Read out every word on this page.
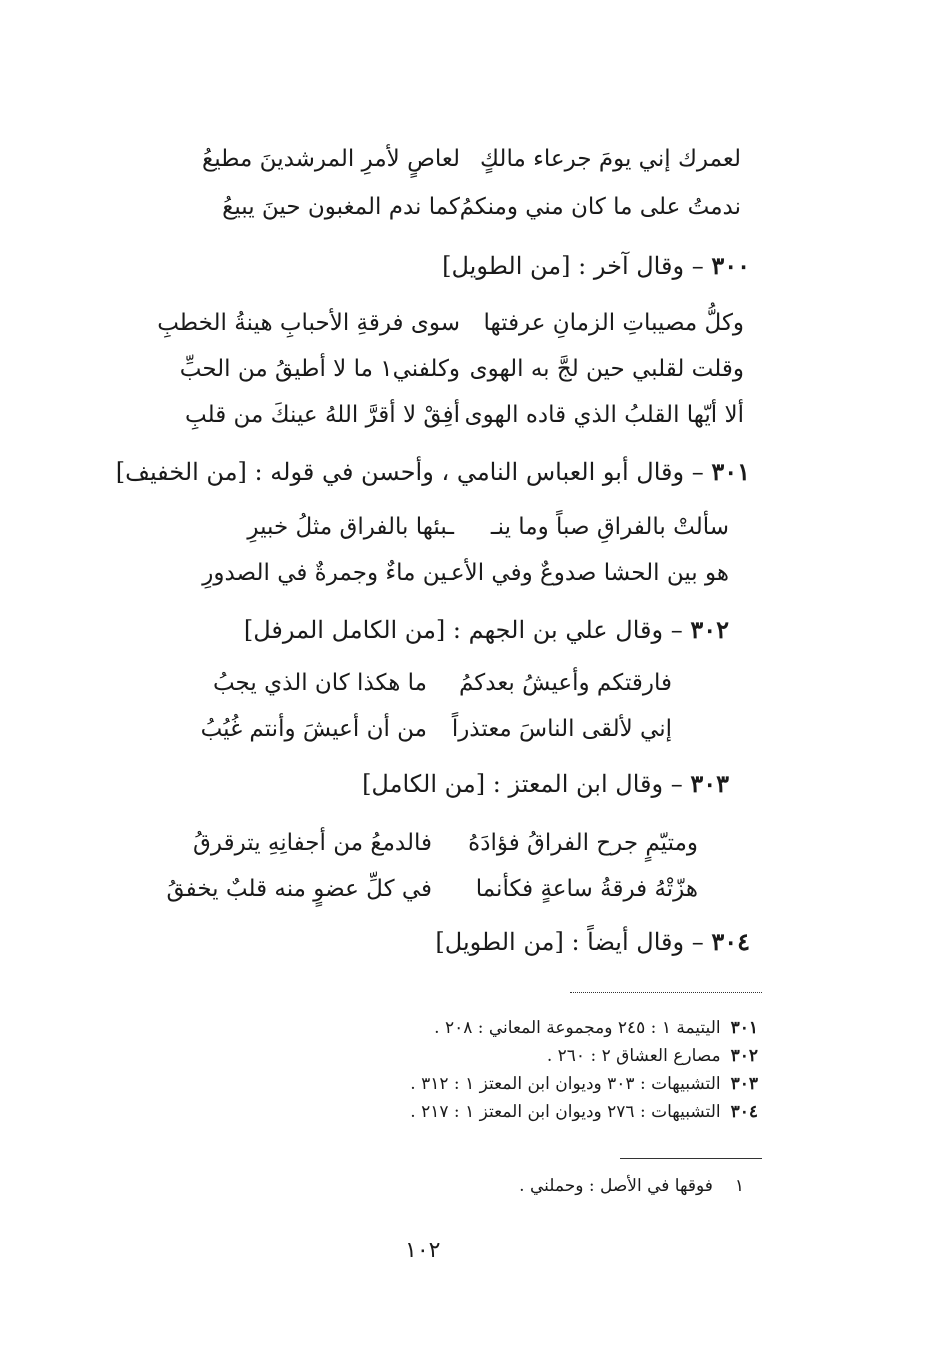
لعمرك إني يومَ جرعاء مالكٍ
لعاصٍ لأمرِ المرشدينَ مطيعُ
ندمتُ على ما كان مني ومنكمُ
كما ندم المغبون حينَ يبيعُ
٣٠٠ – وقال آخر : [من الطويل]
وكلُّ مصيباتِ الزمانِ عرفتها
سوى فرقةِ الأحبابِ هينةُ الخطبِ
وقلت لقلبي حين لجَّ به الهوى
وكلفني١ ما لا أطيقُ من الحبِّ
ألا أيّها القلبُ الذي قاده الهوى
أفِقْ لا أقرَّ اللهُ عينكَ من قلبِ
٣٠١ – وقال أبو العباس النامي ، وأحسن في قوله : [من الخفيف]
سألتْ بالفراقِ صباً وما ينـ
ـبئها بالفراق مثلُ خبيرِ
هو بين الحشا صدوعٌ وفي الأعـ
ـين ماءٌ وجمرةٌ في الصدورِ
٣٠٢ – وقال علي بن الجهم : [من الكامل المرفل]
فارقتكم وأعيشُ بعدكمُ
ما هكذا كان الذي يجبُ
إني لألقى الناسَ معتذراً
من أن أعيشَ وأنتم غُيُبُ
٣٠٣ – وقال ابن المعتز : [من الكامل]
ومتيّمٍ جرح الفراقُ فؤادَهُ
فالدمعُ من أجفانِهِ يترقرقُ
هزّتْهُ فرقةُ ساعةٍ فكأنما
في كلِّ عضوٍ منه قلبٌ يخفقُ
٣٠٤ – وقال أيضاً : [من الطويل]
٣٠١اليتيمة ١ : ٢٤٥ ومجموعة المعاني : ٢٠٨ .
٣٠٢مصارع العشاق ٢ : ٢٦٠ .
٣٠٣التشبيهات : ٣٠٣ وديوان ابن المعتز ١ : ٣١٢ .
٣٠٤التشبيهات : ٢٧٦ وديوان ابن المعتز ١ : ٢١٧ .
١فوقها في الأصل : وحملني .
١٠٢
